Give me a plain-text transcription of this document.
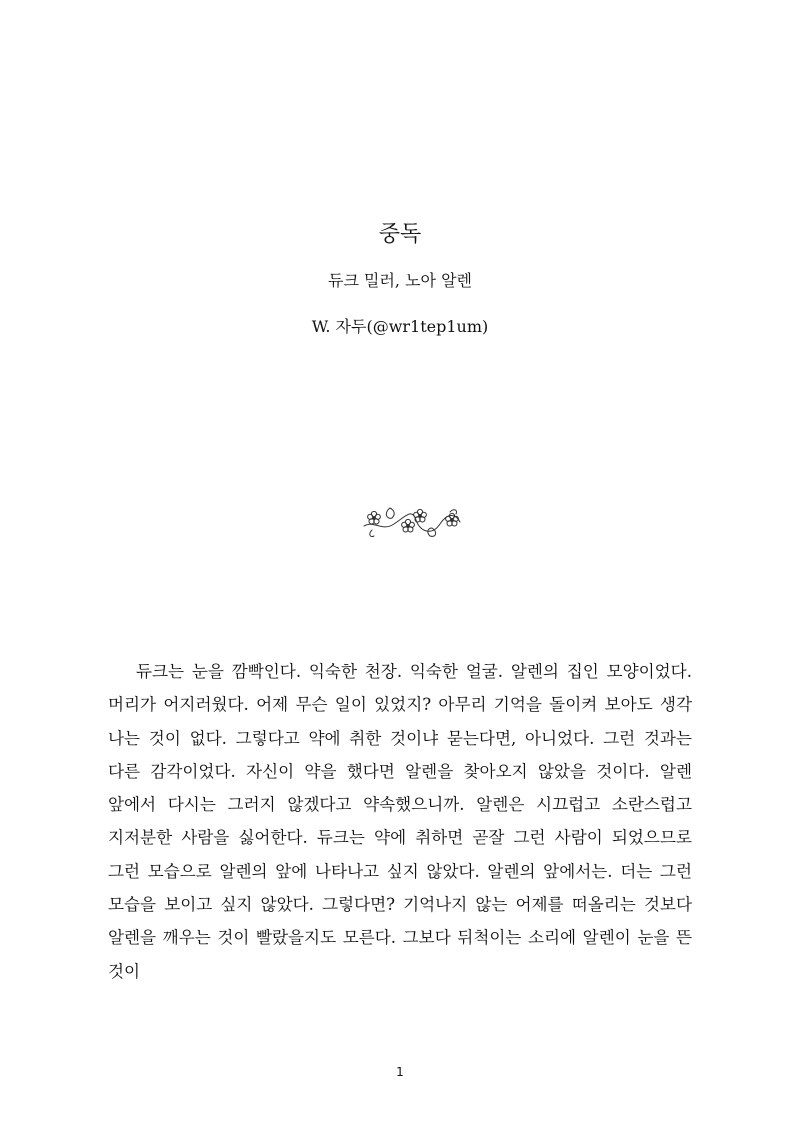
중독
듀크 밀러, 노아 알렌
W. 자두(@wr1tep1um)

듀크는 눈을 깜빡인다. 익숙한 천장. 익숙한 얼굴. 알렌의 집인 모양이었다. 머리가 어지러웠다. 어제 무슨 일이 있었지? 아무리 기억을 돌이켜 보아도 생각 나는 것이 없다. 그렇다고 약에 취한 것이냐 묻는다면, 아니었다. 그런 것과는 다른 감각이었다. 자신이 약을 했다면 알렌을 찾아오지 않았을 것이다. 알렌 앞에서 다시는 그러지 않겠다고 약속했으니까. 알렌은 시끄럽고 소란스럽고 지저분한 사람을 싫어한다. 듀크는 약에 취하면 곧잘 그런 사람이 되었으므로 그런 모습으로 알렌의 앞에 나타나고 싶지 않았다. 알렌의 앞에서는. 더는 그런 모습을 보이고 싶지 않았다. 그렇다면? 기억나지 않는 어제를 떠올리는 것보다 알렌을 깨우는 것이 빨랐을지도 모른다. 그보다 뒤척이는 소리에 알렌이 눈을 뜬 것이

1
